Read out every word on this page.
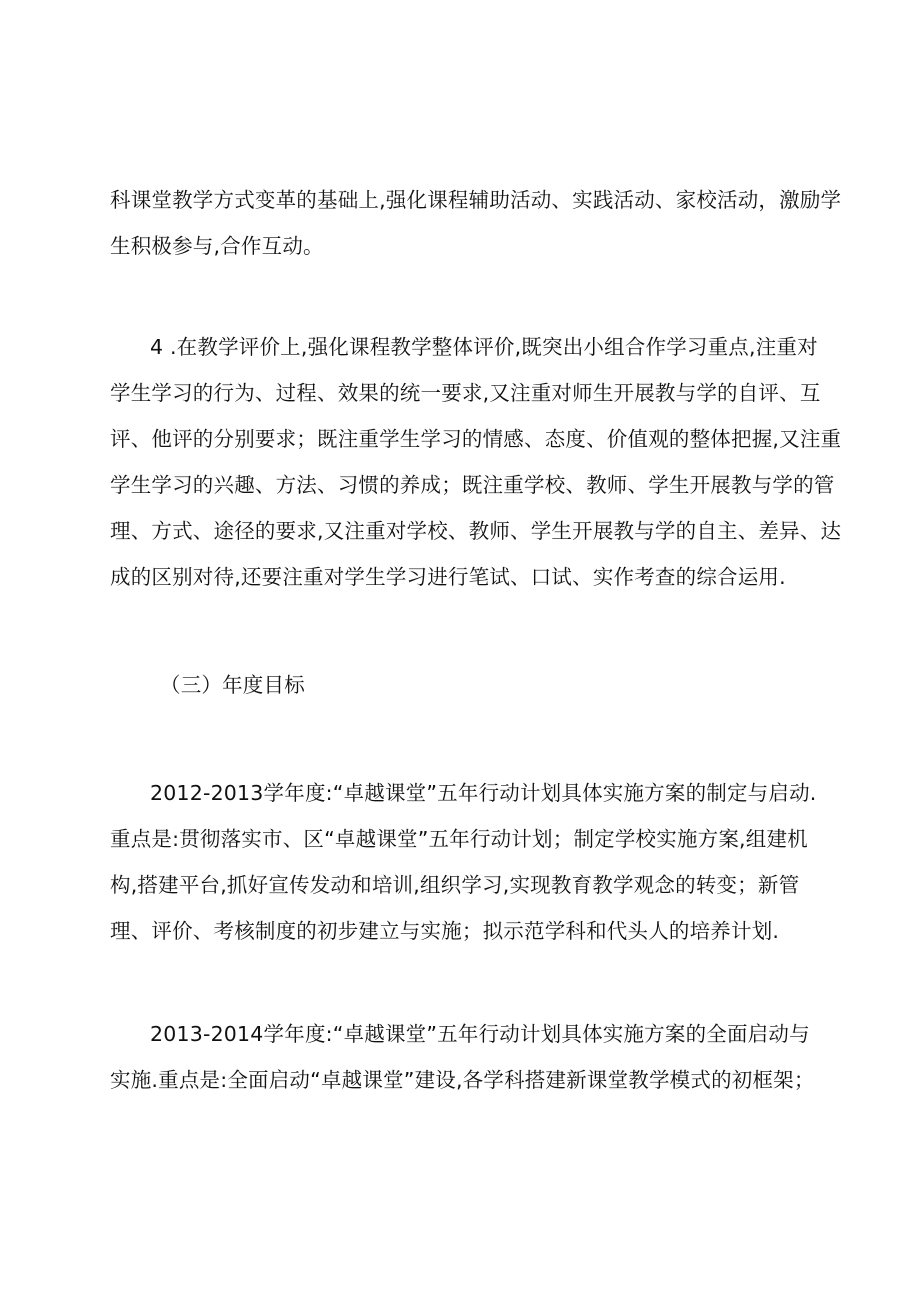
科课堂教学方式变革的基础上,强化课程辅助活动、实践活动、家校活动，激励学
生积极参与,合作互动。
4 .在教学评价上,强化课程教学整体评价,既突出小组合作学习重点,注重对
学生学习的行为、过程、效果的统一要求,又注重对师生开展教与学的自评、互
评、他评的分别要求；既注重学生学习的情感、态度、价值观的整体把握,又注重
学生学习的兴趣、方法、习惯的养成；既注重学校、教师、学生开展教与学的管
理、方式、途径的要求,又注重对学校、教师、学生开展教与学的自主、差异、达
成的区别对待,还要注重对学生学习进行笔试、口试、实作考查的综合运用.
（三）年度目标
2012-2013学年度:“卓越课堂”五年行动计划具体实施方案的制定与启动.
重点是:贯彻落实市、区“卓越课堂”五年行动计划；制定学校实施方案,组建机
构,搭建平台,抓好宣传发动和培训,组织学习,实现教育教学观念的转变；新管
理、评价、考核制度的初步建立与实施；拟示范学科和代头人的培养计划.
2013-2014学年度:“卓越课堂”五年行动计划具体实施方案的全面启动与
实施.重点是:全面启动“卓越课堂”建设,各学科搭建新课堂教学模式的初框架；
